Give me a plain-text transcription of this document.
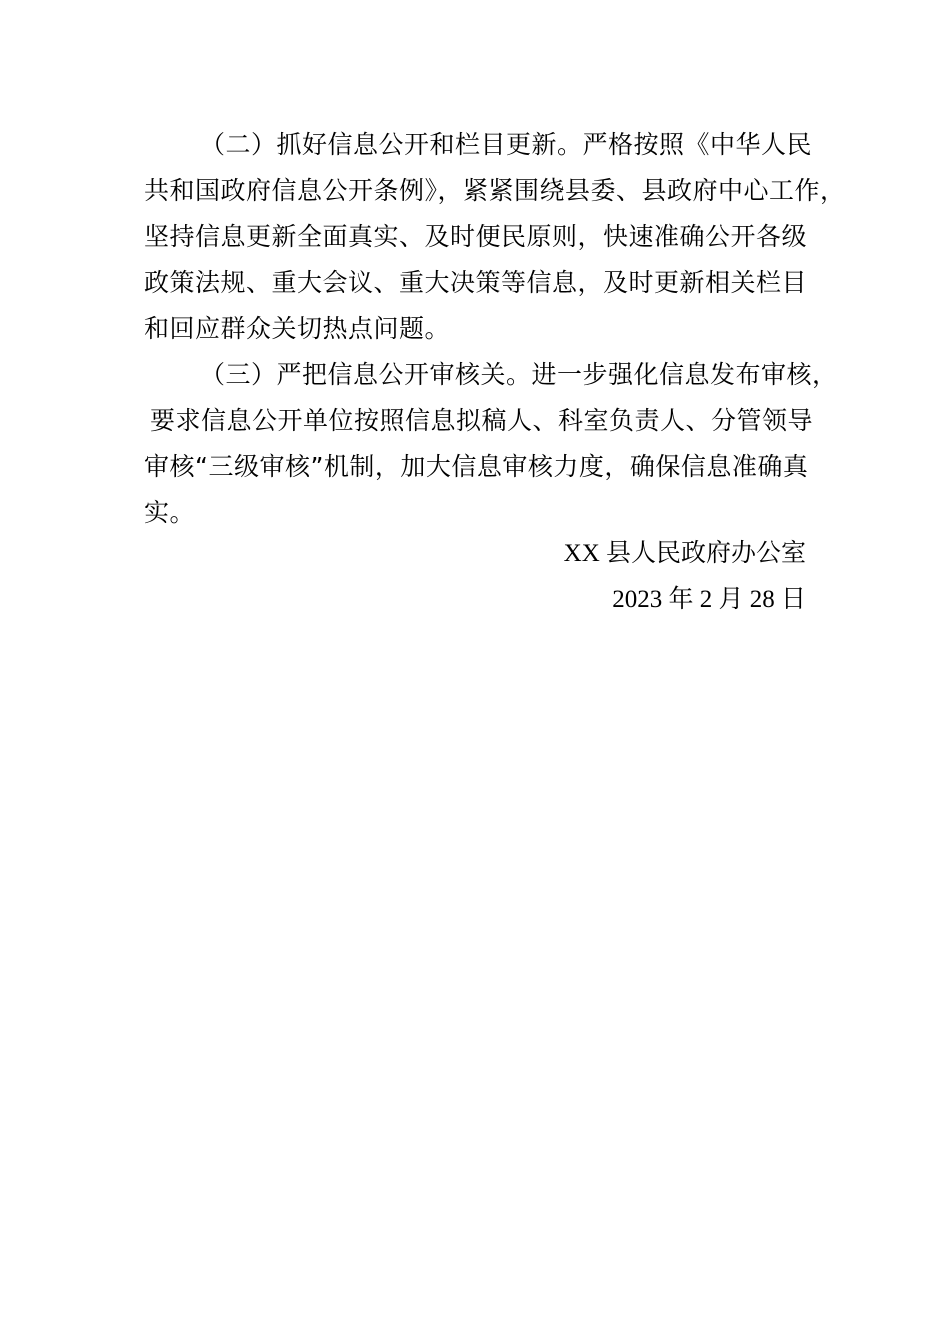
（二）抓好信息公开和栏目更新。严格按照《中华人民
共和国政府信息公开条例》，紧紧围绕县委、县政府中心工作，
坚持信息更新全面真实、及时便民原则，快速准确公开各级
政策法规、重大会议、重大决策等信息，及时更新相关栏目
和回应群众关切热点问题。
（三）严把信息公开审核关。进一步强化信息发布审核，
要求信息公开单位按照信息拟稿人、科室负责人、分管领导
审核“三级审核”机制，加大信息审核力度，确保信息准确真
实。
XX 县人民政府办公室
2023 年 2 月 28 日
